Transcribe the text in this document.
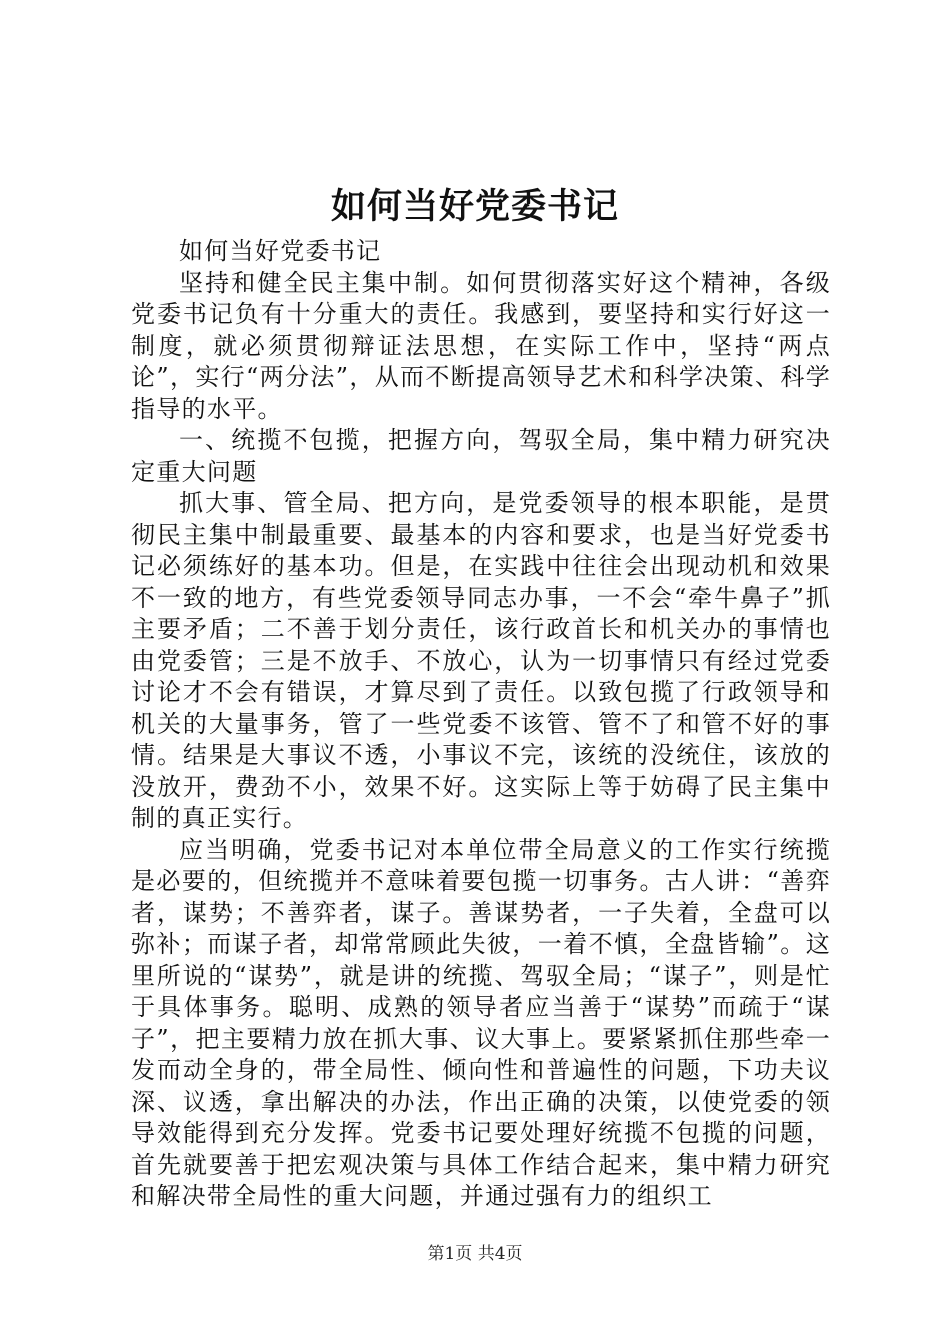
如何当好党委书记

如何当好党委书记

坚持和健全民主集中制。如何贯彻落实好这个精神，各级党委书记负有十分重大的责任。我感到，要坚持和实行好这一制度，就必须贯彻辩证法思想，在实际工作中，坚持“两点论”，实行“两分法”，从而不断提高领导艺术和科学决策、科学指导的水平。

一、统揽不包揽，把握方向，驾驭全局，集中精力研究决定重大问题

抓大事、管全局、把方向，是党委领导的根本职能，是贯彻民主集中制最重要、最基本的内容和要求，也是当好党委书记必须练好的基本功。但是，在实践中往往会出现动机和效果不一致的地方，有些党委领导同志办事，一不会“牵牛鼻子”抓主要矛盾；二不善于划分责任，该行政首长和机关办的事情也由党委管；三是不放手、不放心，认为一切事情只有经过党委讨论才不会有错误，才算尽到了责任。以致包揽了行政领导和机关的大量事务，管了一些党委不该管、管不了和管不好的事情。结果是大事议不透，小事议不完，该统的没统住，该放的没放开，费劲不小，效果不好。这实际上等于妨碍了民主集中制的真正实行。

应当明确，党委书记对本单位带全局意义的工作实行统揽是必要的，但统揽并不意味着要包揽一切事务。古人讲：“善弈者，谋势；不善弈者，谋子。善谋势者，一子失着，全盘可以弥补；而谋子者，却常常顾此失彼，一着不慎，全盘皆输”。这里所说的“谋势”，就是讲的统揽、驾驭全局；“谋子”，则是忙于具体事务。聪明、成熟的领导者应当善于“谋势”而疏于“谋子”，把主要精力放在抓大事、议大事上。要紧紧抓住那些牵一发而动全身的，带全局性、倾向性和普遍性的问题，下功夫议深、议透，拿出解决的办法，作出正确的决策，以使党委的领导效能得到充分发挥。党委书记要处理好统揽不包揽的问题，首先就要善于把宏观决策与具体工作结合起来，集中精力研究和解决带全局性的重大问题，并通过强有力的组织工

第1页 共4页
